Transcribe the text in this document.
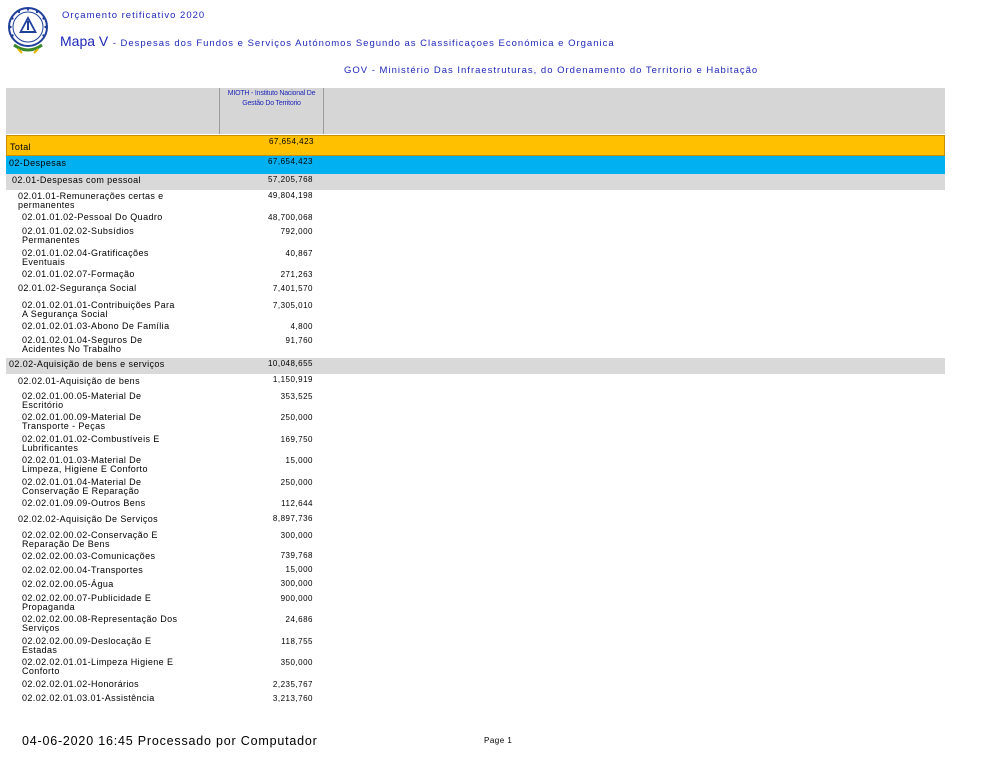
Orçamento retificativo 2020
Mapa V - Despesas dos Fundos e Serviços Autónomos Segundo as Classificaçoes Económica e Organica
GOV - Ministério Das Infraestruturas, do Ordenamento do Territorio e Habitação
MIOTH - Instituto Nacional De Gestão Do Territorio
Total
67,654,423
02-Despesas	67,654,423
02.01-Despesas com pessoal	57,205,768
02.01.01-Remunerações certas e
permanentes
49,804,198
02.01.01.02-Pessoal Do Quadro	48,700,068
02.01.01.02.02-Subsídios
Permanentes
792,000
02.01.01.02.04-Gratificações
Eventuais
40,867
02.01.01.02.07-Formação	271,263
02.01.02-Segurança Social	7,401,570
02.01.02.01.01-Contribuições Para
A Segurança Social
7,305,010
02.01.02.01.03-Abono De Família	4,800
02.01.02.01.04-Seguros De
Acidentes No Trabalho
91,760
02.02-Aquisição de bens e serviços	10,048,655
02.02.01-Aquisição de bens	1,150,919
02.02.01.00.05-Material De
Escritório
353,525
02.02.01.00.09-Material De
Transporte - Peças
250,000
02.02.01.01.02-Combustíveis E
Lubrificantes
169,750
02.02.01.01.03-Material De
Limpeza, Higiene E Conforto
15,000
02.02.01.01.04-Material De
Conservação E Reparação
250,000
02.02.01.09.09-Outros Bens	112,644
02.02.02-Aquisição De Serviços	8,897,736
02.02.02.00.02-Conservação E
Reparação De Bens
300,000
02.02.02.00.03-Comunicações	739,768
02.02.02.00.04-Transportes	15,000
02.02.02.00.05-Água	300,000
02.02.02.00.07-Publicidade E
Propaganda
900,000
02.02.02.00.08-Representação Dos
Serviços
24,686
02.02.02.00.09-Deslocação E
Estadas
118,755
02.02.02.01.01-Limpeza Higiene E
Conforto
350,000
02.02.02.01.02-Honorários	2,235,767
02.02.02.01.03.01-Assistência	3,213,760
04-06-2020 16:45 Processado por Computador	Page 1
